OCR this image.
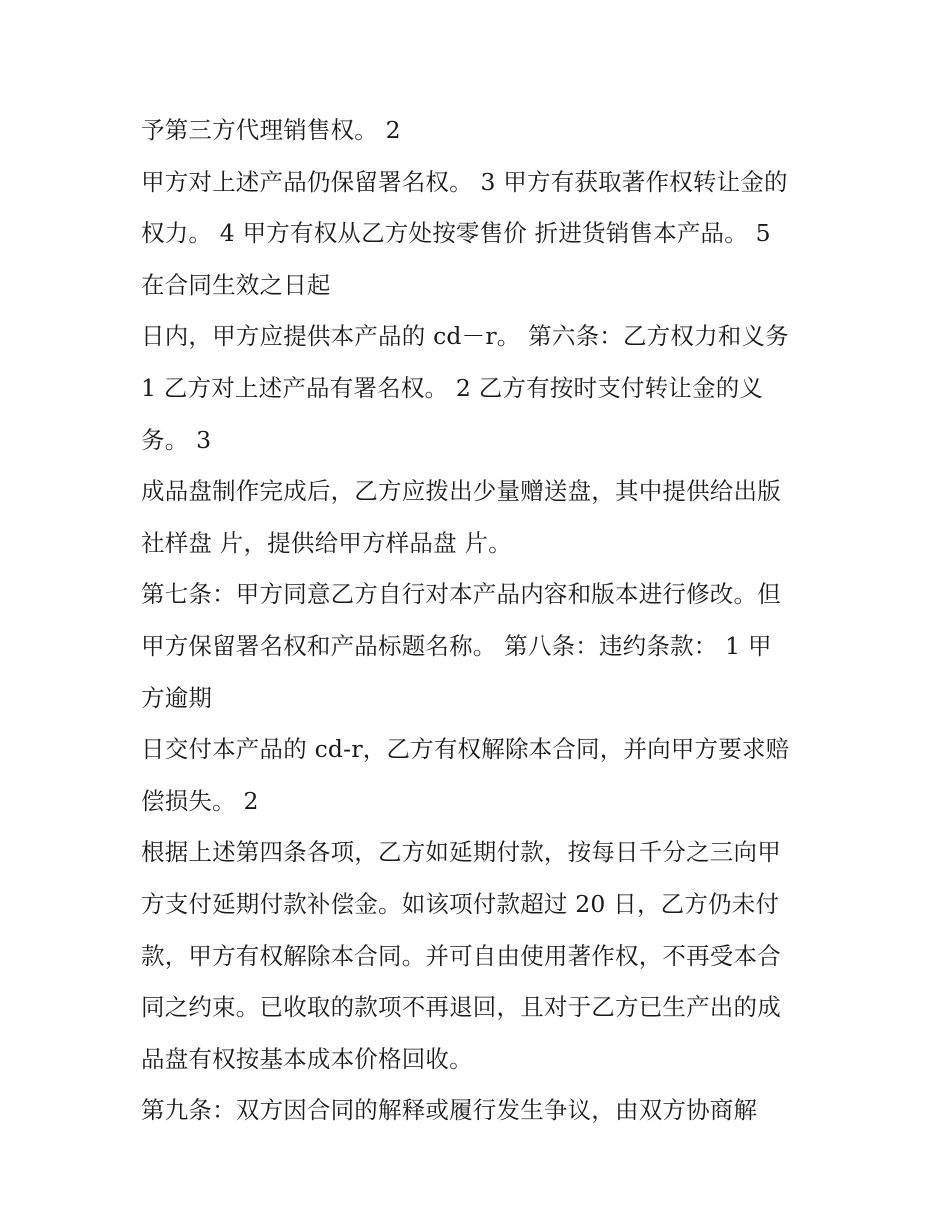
予第三方代理销售权。 2
甲方对上述产品仍保留署名权。 3 甲方有获取著作权转让金的
权力。 4 甲方有权从乙方处按零售价 折进货销售本产品。 5
在合同生效之日起
日内，甲方应提供本产品的 cd－r。 第六条：乙方权力和义务
1 乙方对上述产品有署名权。 2 乙方有按时支付转让金的义
务。 3
成品盘制作完成后，乙方应拨出少量赠送盘，其中提供给出版
社样盘 片，提供给甲方样品盘 片。
第七条：甲方同意乙方自行对本产品内容和版本进行修改。但
甲方保留署名权和产品标题名称。 第八条：违约条款： 1 甲
方逾期
日交付本产品的 cd-r，乙方有权解除本合同，并向甲方要求赔
偿损失。 2
根据上述第四条各项，乙方如延期付款，按每日千分之三向甲
方支付延期付款补偿金。如该项付款超过 20 日，乙方仍未付
款，甲方有权解除本合同。并可自由使用著作权，不再受本合
同之约束。已收取的款项不再退回，且对于乙方已生产出的成
品盘有权按基本成本价格回收。
第九条：双方因合同的解释或履行发生争议，由双方协商解
